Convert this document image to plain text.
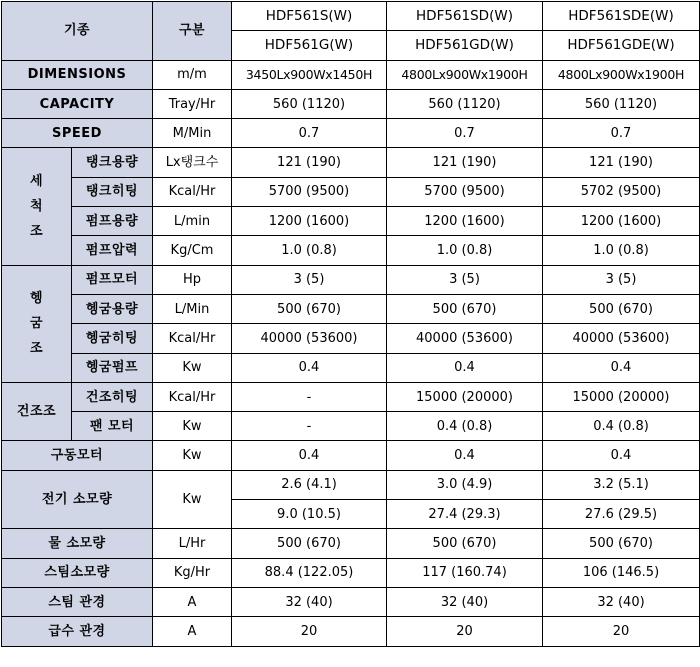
기종		구분	HDF561S(W)	HDF561SD(W)	HDF561SDE(W)
			HDF561G(W)	HDF561GD(W)	HDF561GDE(W)
DIMENSIONS		m/m	3450Lx900Wx1450H	4800Lx900Wx1900H	4800Lx900Wx1900H
CAPACITY		Tray/Hr	560 (1120)	560 (1120)	560 (1120)
SPEED		M/Min	0.7	0.7	0.7
세척조	탱크용량	Lx탱크수	121 (190)	121 (190)	121 (190)
	탱크히팅	Kcal/Hr	5700 (9500)	5700 (9500)	5702 (9500)
	펌프용량	L/min	1200 (1600)	1200 (1600)	1200 (1600)
	펌프압력	Kg/Cm	1.0 (0.8)	1.0 (0.8)	1.0 (0.8)
헹굼조	펌프모터	Hp	3 (5)	3 (5)	3 (5)
	헹굼용량	L/Min	500 (670)	500 (670)	500 (670)
	헹굼히팅	Kcal/Hr	40000 (53600)	40000 (53600)	40000 (53600)
	헹굼펌프	Kw	0.4	0.4	0.4
건조조	건조히팅	Kcal/Hr	-	15000 (20000)	15000 (20000)
	팬 모터	Kw	-	0.4 (0.8)	0.4 (0.8)
구동모터		Kw	0.4	0.4	0.4
전기 소모량		Kw	2.6 (4.1)	3.0 (4.9)	3.2 (5.1)
			9.0 (10.5)	27.4 (29.3)	27.6 (29.5)
물 소모량		L/Hr	500 (670)	500 (670)	500 (670)
스팀소모량		Kg/Hr	88.4 (122.05)	117 (160.74)	106 (146.5)
스팀 관경		A	32 (40)	32 (40)	32 (40)
급수 관경		A	20	20	20
